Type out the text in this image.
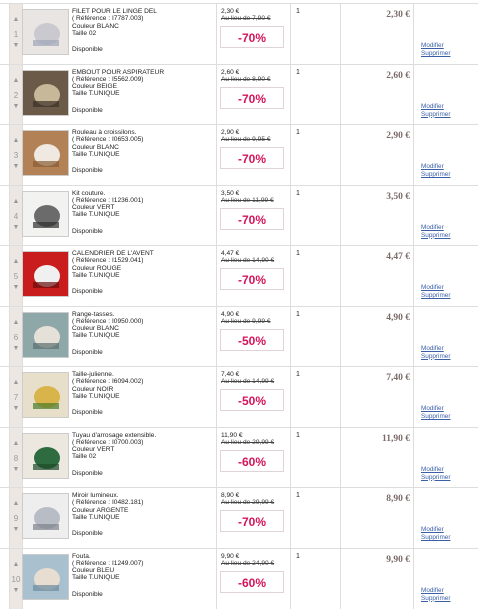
▲
1
▼
FILET POUR LE LINGE DEL
( Référence : I7787.003)
Couleur BLANC
Taille 02
Disponible
2,30 €
Au lieu de 7,90 €
-70%
1	2,30 €
Modifier
Supprimer
▲
2
▼
EMBOUT POUR ASPIRATEUR
( Référence : I5562.009)
Couleur BEIGE
Taille T.UNIQUE
Disponible
2,60 €
Au lieu de 8,90 €
-70%
1	2,60 €
Modifier
Supprimer
▲
3
▼
Rouleau à croissilons.
( Référence : I0653.005)
Couleur BLANC
Taille T.UNIQUE
Disponible
2,90 €
Au lieu de 9,95 €
-70%
1	2,90 €
Modifier
Supprimer
▲
4
▼
Kit couture.
( Référence : I1236.001)
Couleur VERT
Taille T.UNIQUE
Disponible
3,50 €
Au lieu de 11,99 €
-70%
1	3,50 €
Modifier
Supprimer
▲
5
▼
CALENDRIER DE L'AVENT
( Référence : I1529.041)
Couleur ROUGE
Taille T.UNIQUE
Disponible
4,47 €
Au lieu de 14,90 €
-70%
1	4,47 €
Modifier
Supprimer
▲
6
▼
Range-tasses.
( Référence : I0950.000)
Couleur BLANC
Taille T.UNIQUE
Disponible
4,90 €
Au lieu de 9,99 €
-50%
1	4,90 €
Modifier
Supprimer
▲
7
▼
Taille-julienne.
( Référence : I6094.002)
Couleur NOIR
Taille T.UNIQUE
Disponible
7,40 €
Au lieu de 14,99 €
-50%
1	7,40 €
Modifier
Supprimer
▲
8
▼
Tuyau d'arrosage extensible.
( Référence : I0700.003)
Couleur VERT
Taille 02
Disponible
11,90 €
Au lieu de 29,99 €
-60%
1	11,90 €
Modifier
Supprimer
▲
9
▼
Miroir lumineux.
( Référence : I0482.181)
Couleur ARGENTE
Taille T.UNIQUE
Disponible
8,90 €
Au lieu de 29,99 €
-70%
1	8,90 €
Modifier
Supprimer
▲
10
▼
Fouta.
( Référence : I1249.007)
Couleur BLEU
Taille T.UNIQUE
Disponible
9,90 €
Au lieu de 24,90 €
-60%
1	9,90 €
Modifier
Supprimer
